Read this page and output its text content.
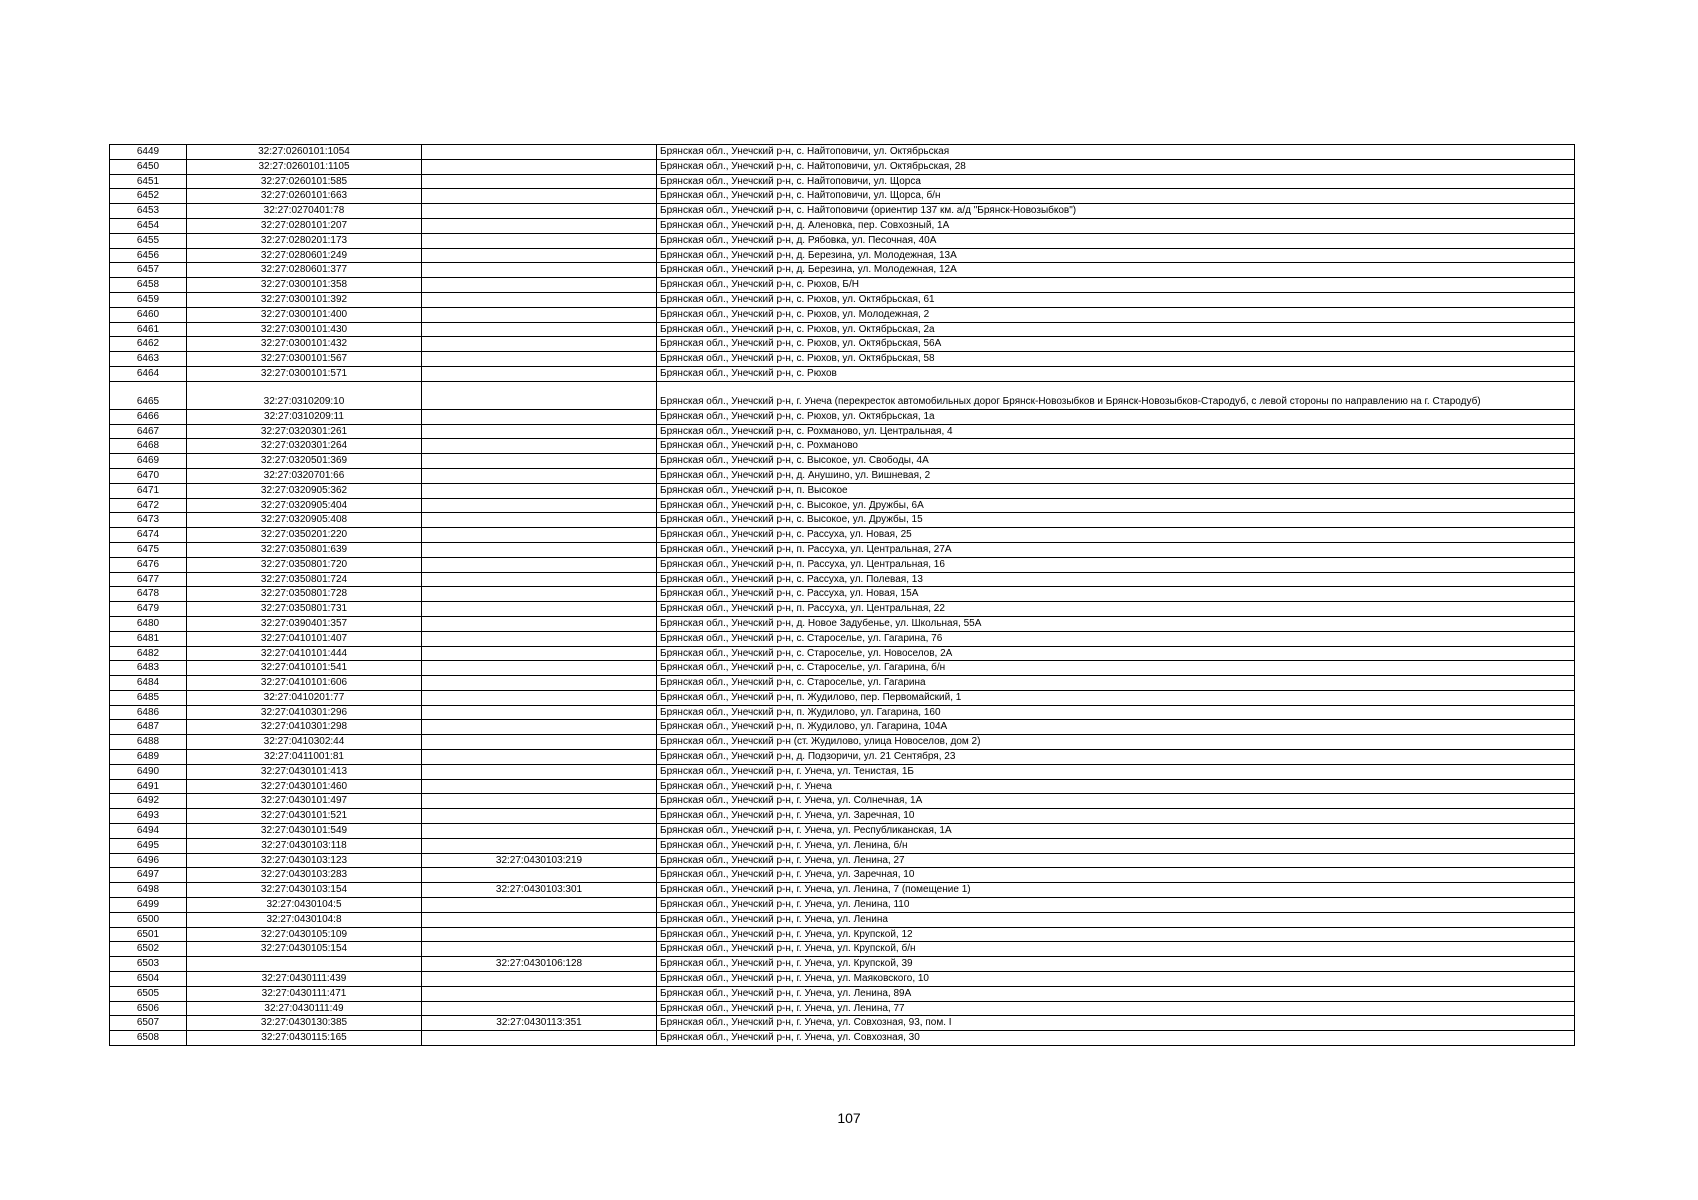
6449	32:27:0260101:1054		Брянская обл., Унечский р-н, с. Найтоповичи, ул. Октябрьская
6450	32:27:0260101:1105		Брянская обл., Унечский р-н, с. Найтоповичи, ул. Октябрьская, 28
6451	32:27:0260101:585		Брянская обл., Унечский р-н, с. Найтоповичи, ул. Щорса
6452	32:27:0260101:663		Брянская обл., Унечский р-н, с. Найтоповичи, ул. Щорса, б/н
6453	32:27:0270401:78		Брянская обл., Унечский р-н, с. Найтоповичи (ориентир 137 км. а/д "Брянск-Новозыбков")
6454	32:27:0280101:207		Брянская обл., Унечский р-н, д. Аленовка, пер. Совхозный, 1А
6455	32:27:0280201:173		Брянская обл., Унечский р-н, д. Рябовка, ул. Песочная, 40А
6456	32:27:0280601:249		Брянская обл., Унечский р-н, д. Березина, ул. Молодежная, 13А
6457	32:27:0280601:377		Брянская обл., Унечский р-н, д. Березина, ул. Молодежная, 12А
6458	32:27:0300101:358		Брянская обл., Унечский р-н, с. Рюхов, Б/Н
6459	32:27:0300101:392		Брянская обл., Унечский р-н, с. Рюхов, ул. Октябрьская, 61
6460	32:27:0300101:400		Брянская обл., Унечский р-н, с. Рюхов, ул. Молодежная, 2
6461	32:27:0300101:430		Брянская обл., Унечский р-н, с. Рюхов, ул. Октябрьская, 2а
6462	32:27:0300101:432		Брянская обл., Унечский р-н, с. Рюхов, ул. Октябрьская, 56А
6463	32:27:0300101:567		Брянская обл., Унечский р-н, с. Рюхов, ул. Октябрьская, 58
6464	32:27:0300101:571		Брянская обл., Унечский р-н, с. Рюхов
6465	32:27:0310209:10		Брянская обл., Унечский р-н, г. Унеча (перекресток автомобильных дорог Брянск-Новозыбков и Брянск-Новозыбков-Стародуб, с левой стороны по направлению на г. Стародуб)
6466	32:27:0310209:11		Брянская обл., Унечский р-н, с. Рюхов, ул. Октябрьская, 1а
6467	32:27:0320301:261		Брянская обл., Унечский р-н, с. Рохманово, ул. Центральная, 4
6468	32:27:0320301:264		Брянская обл., Унечский р-н, с. Рохманово
6469	32:27:0320501:369		Брянская обл., Унечский р-н, с. Высокое, ул. Свободы, 4А
6470	32:27:0320701:66		Брянская обл., Унечский р-н, д. Анушино, ул. Вишневая, 2
6471	32:27:0320905:362		Брянская обл., Унечский р-н, п. Высокое
6472	32:27:0320905:404		Брянская обл., Унечский р-н, с. Высокое, ул. Дружбы, 6А
6473	32:27:0320905:408		Брянская обл., Унечский р-н, с. Высокое, ул. Дружбы, 15
6474	32:27:0350201:220		Брянская обл., Унечский р-н, с. Рассуха, ул. Новая, 25
6475	32:27:0350801:639		Брянская обл., Унечский р-н, п. Рассуха, ул. Центральная, 27А
6476	32:27:0350801:720		Брянская обл., Унечский р-н, п. Рассуха, ул. Центральная, 16
6477	32:27:0350801:724		Брянская обл., Унечский р-н, с. Рассуха, ул. Полевая, 13
6478	32:27:0350801:728		Брянская обл., Унечский р-н, с. Рассуха, ул. Новая, 15А
6479	32:27:0350801:731		Брянская обл., Унечский р-н, п. Рассуха, ул. Центральная, 22
6480	32:27:0390401:357		Брянская обл., Унечский р-н, д. Новое Задубенье, ул. Школьная, 55А
6481	32:27:0410101:407		Брянская обл., Унечский р-н, с. Староселье, ул. Гагарина, 76
6482	32:27:0410101:444		Брянская обл., Унечский р-н, с. Староселье, ул. Новоселов, 2А
6483	32:27:0410101:541		Брянская обл., Унечский р-н, с. Староселье, ул. Гагарина, б/н
6484	32:27:0410101:606		Брянская обл., Унечский р-н, с. Староселье, ул. Гагарина
6485	32:27:0410201:77		Брянская обл., Унечский р-н, п. Жудилово, пер. Первомайский, 1
6486	32:27:0410301:296		Брянская обл., Унечский р-н, п. Жудилово, ул. Гагарина, 160
6487	32:27:0410301:298		Брянская обл., Унечский р-н, п. Жудилово, ул. Гагарина, 104А
6488	32:27:0410302:44		Брянская обл., Унечский р-н (ст. Жудилово, улица Новоселов, дом 2)
6489	32:27:0411001:81		Брянская обл., Унечский р-н, д. Подзоричи, ул. 21 Сентября, 23
6490	32:27:0430101:413		Брянская обл., Унечский р-н, г. Унеча, ул. Тенистая, 1Б
6491	32:27:0430101:460		Брянская обл., Унечский р-н, г. Унеча
6492	32:27:0430101:497		Брянская обл., Унечский р-н, г. Унеча, ул. Солнечная, 1А
6493	32:27:0430101:521		Брянская обл., Унечский р-н, г. Унеча, ул. Заречная, 10
6494	32:27:0430101:549		Брянская обл., Унечский р-н, г. Унеча, ул. Республиканская, 1А
6495	32:27:0430103:118		Брянская обл., Унечский р-н, г. Унеча, ул. Ленина, б/н
6496	32:27:0430103:123	32:27:0430103:219	Брянская обл., Унечский р-н, г. Унеча, ул. Ленина, 27
6497	32:27:0430103:283		Брянская обл., Унечский р-н, г. Унеча, ул. Заречная, 10
6498	32:27:0430103:154	32:27:0430103:301	Брянская обл., Унечский р-н, г. Унеча, ул. Ленина, 7 (помещение 1)
6499	32:27:0430104:5		Брянская обл., Унечский р-н, г. Унеча, ул. Ленина, 110
6500	32:27:0430104:8		Брянская обл., Унечский р-н, г. Унеча, ул. Ленина
6501	32:27:0430105:109		Брянская обл., Унечский р-н, г. Унеча, ул. Крупской, 12
6502	32:27:0430105:154		Брянская обл., Унечский р-н, г. Унеча, ул. Крупской, б/н
6503		32:27:0430106:128	Брянская обл., Унечский р-н, г. Унеча, ул. Крупской, 39
6504	32:27:0430111:439		Брянская обл., Унечский р-н, г. Унеча, ул. Маяковского, 10
6505	32:27:0430111:471		Брянская обл., Унечский р-н, г. Унеча, ул. Ленина, 89А
6506	32:27:0430111:49		Брянская обл., Унечский р-н, г. Унеча, ул. Ленина, 77
6507	32:27:0430130:385	32:27:0430113:351	Брянская обл., Унечский р-н, г. Унеча, ул. Совхозная, 93, пом. I
6508	32:27:0430115:165		Брянская обл., Унечский р-н, г. Унеча, ул. Совхозная, 30
107
